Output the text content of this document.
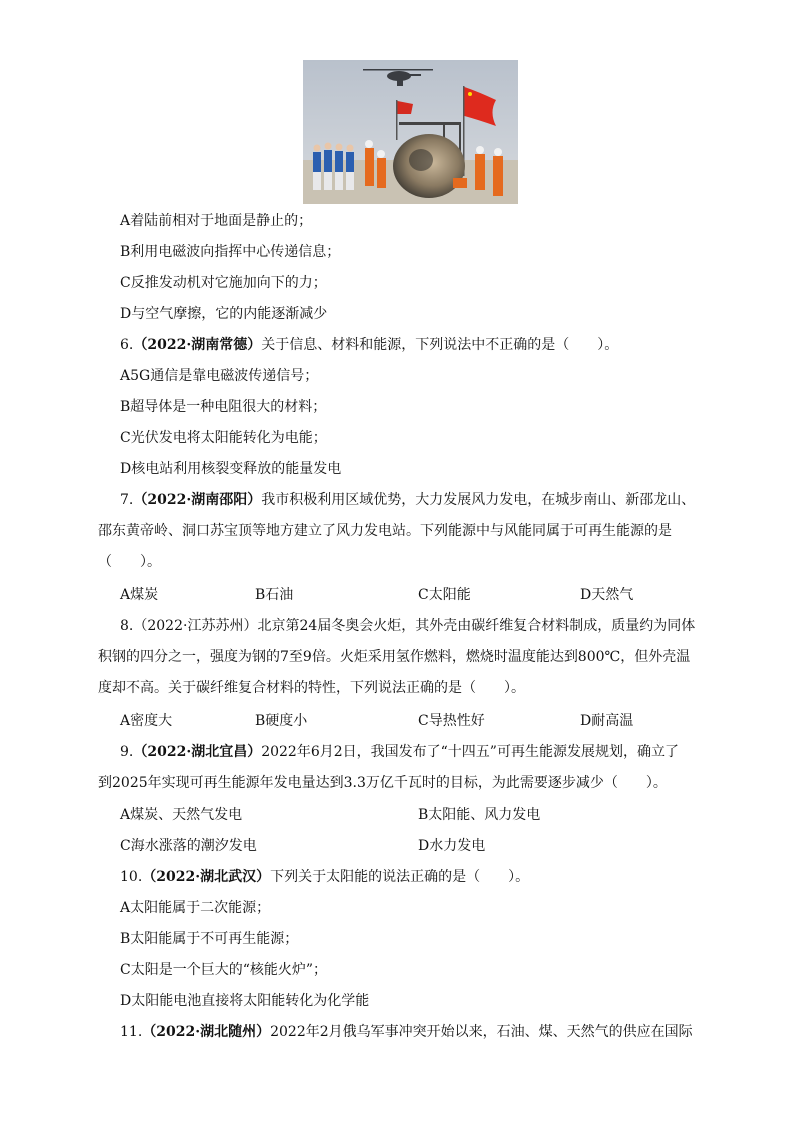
A着陆前相对于地面是静止的；
B利用电磁波向指挥中心传递信息；
C反推发动机对它施加向下的力；
D与空气摩擦，它的内能逐渐减少
6.（2022·湖南常德）关于信息、材料和能源，下列说法中不正确的是（　　）。
A5G通信是靠电磁波传递信号；
B超导体是一种电阻很大的材料；
C光伏发电将太阳能转化为电能；
D核电站利用核裂变释放的能量发电
7.（2022·湖南邵阳）我市积极利用区域优势，大力发展风力发电，在城步南山、新邵龙山、
邵东黄帝岭、洞口苏宝顶等地方建立了风力发电站。下列能源中与风能同属于可再生能源的是
（　　）。
A煤炭	B石油	C太阳能	D天然气
8.（2022·江苏苏州）北京第24届冬奥会火炬，其外壳由碳纤维复合材料制成，质量约为同体
积钢的四分之一，强度为钢的7至9倍。火炬采用氢作燃料，燃烧时温度能达到800℃，但外壳温
度却不高。关于碳纤维复合材料的特性，下列说法正确的是（　　）。
A密度大	B硬度小	C导热性好	D耐高温
9.（2022·湖北宜昌）2022年6月2日，我国发布了“十四五”可再生能源发展规划，确立了
到2025年实现可再生能源年发电量达到3.3万亿千瓦时的目标，为此需要逐步减少（　　）。
A煤炭、天然气发电	B太阳能、风力发电
C海水涨落的潮汐发电	D水力发电
10.（2022·湖北武汉）下列关于太阳能的说法正确的是（　　）。
A太阳能属于二次能源；
B太阳能属于不可再生能源；
C太阳是一个巨大的“核能火炉”；
D太阳能电池直接将太阳能转化为化学能
11.（2022·湖北随州）2022年2月俄乌军事冲突开始以来，石油、煤、天然气的供应在国际
